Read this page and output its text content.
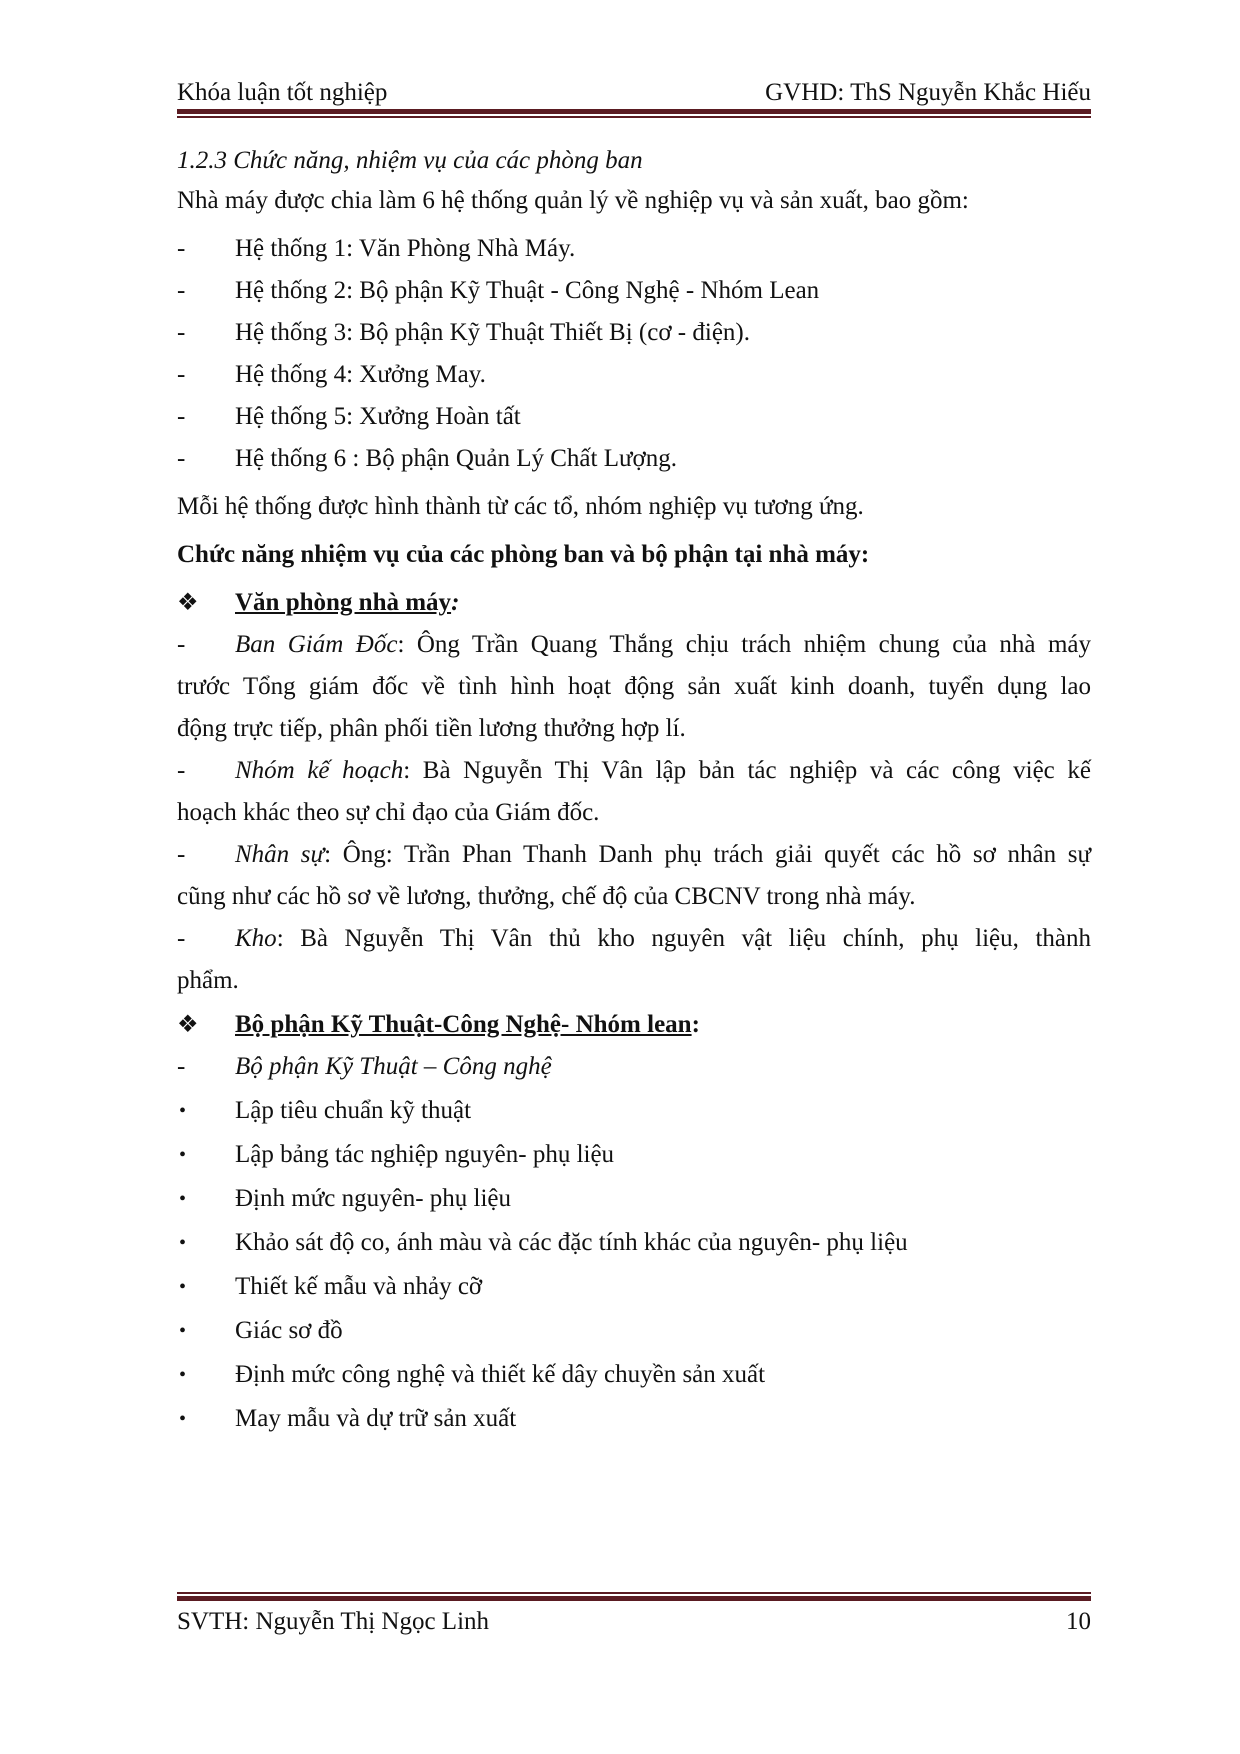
Khóa luận tốt nghiệp	GVHD: ThS Nguyễn Khắc Hiếu
1.2.3 Chức năng, nhiệm vụ của các phòng ban
Nhà máy được chia làm 6 hệ thống quản lý về nghiệp vụ và sản xuất, bao gồm:
- Hệ thống 1: Văn Phòng Nhà Máy.
- Hệ thống 2: Bộ phận Kỹ Thuật - Công Nghệ - Nhóm Lean
- Hệ thống 3: Bộ phận Kỹ Thuật Thiết Bị (cơ - điện).
- Hệ thống 4: Xưởng May.
- Hệ thống 5: Xưởng Hoàn tất
- Hệ thống 6 : Bộ phận Quản Lý Chất Lượng.
Mỗi hệ thống được hình thành từ các tổ, nhóm nghiệp vụ tương ứng.
Chức năng nhiệm vụ của các phòng ban và bộ phận tại nhà máy:
❖ Văn phòng nhà máy:
- Ban Giám Đốc: Ông Trần Quang Thắng chịu trách nhiệm chung của nhà máy
trước Tổng giám đốc về tình hình hoạt động sản xuất kinh doanh, tuyển dụng lao
động trực tiếp, phân phối tiền lương thưởng hợp lí.
- Nhóm kế hoạch: Bà Nguyễn Thị Vân lập bản tác nghiệp và các công việc kế
hoạch khác theo sự chỉ đạo của Giám đốc.
- Nhân sự: Ông: Trần Phan Thanh Danh phụ trách giải quyết các hồ sơ nhân sự
cũng như các hồ sơ về lương, thưởng, chế độ của CBCNV trong nhà máy.
- Kho: Bà Nguyễn Thị Vân thủ kho nguyên vật liệu chính, phụ liệu, thành
phẩm.
❖ Bộ phận Kỹ Thuật-Công Nghệ- Nhóm lean:
- Bộ phận Kỹ Thuật – Công nghệ
• Lập tiêu chuẩn kỹ thuật
• Lập bảng tác nghiệp nguyên- phụ liệu
• Định mức nguyên- phụ liệu
• Khảo sát độ co, ánh màu và các đặc tính khác của nguyên- phụ liệu
• Thiết kế mẫu và nhảy cỡ
• Giác sơ đồ
• Định mức công nghệ và thiết kế dây chuyền sản xuất
• May mẫu và dự trữ sản xuất
SVTH: Nguyễn Thị Ngọc Linh	10
